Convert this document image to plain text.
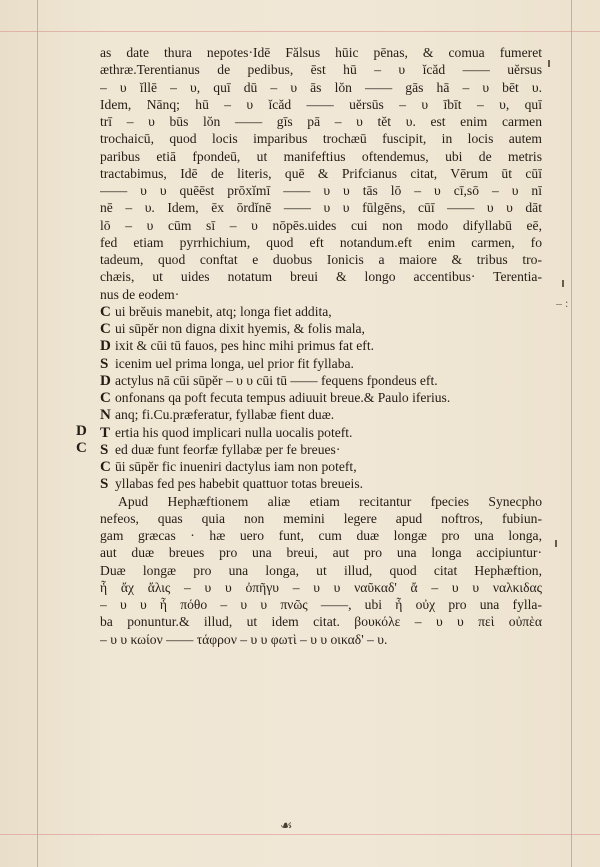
– :
as date thura nepotes·Idē Fălsus hūic pēnas, & comua fumeret
æthræ.Terentianus de pedibus, ēst hū – υ ĭcăd —— uĕrsus
– υ ĭllē – υ, quī dū – υ ās lŏn —— gās hā – υ bēt υ.
Idem, Nānq; hū – υ ĭcăd —— uĕrsūs – υ ībīt – υ, quī
trī – υ būs lŏn —— gīs pā – υ tĕt υ. est enim carmen
trochaicū, quod locis imparibus trochæū fuscipit, in locis autem
paribus etiā fpondeū, ut manifeftius oftendemus, ubi de metris
tractabimus, Idē de literis, quē & Prifcianus citat, Vērum ūt cūī
—— υ υ quēēst prōxĭmī —— υ υ tās lō – υ cī,sō – υ nī
nē – υ. Idem, ēx ōrdĭnē —— υ υ fūlgēns, cūī —— υ υ dāt
lō – υ cūm sī – υ nōpēs.uides cui non modo difyllabū eē,
fed etiam pyrrhichium, quod eft notandum.eft enim carmen, fo
tadeum, quod conftat e duobus Ionicis a maiore & tribus tro-
chæis, ut uides notatum breui & longo accentibus· Terentia-
nus de eodem·
C ui brĕuis manebit, atq; longa fiet addita,
C ui sūpĕr non digna dixit hyemis, & folis mala,
D ixit & cūi tū fauos, pes hinc mihi primus fat eft.
S icenim uel prima longa, uel prior fit fyllaba.
D actylus nā cūi sūpĕr – υ υ cūi tū —— fequens fpondeus eft.
C onfonans qa poft fecuta tempus adiuuit breue.& Paulo iferius.
N anq; fi.Cu.præferatur, fyllabæ fient duæ.
T ertia his quod implicari nulla uocalis poteft.
S ed duæ funt feorfæ fyllabæ per fe breues·
C ūi sūpĕr fic inueniri dactylus iam non poteft,
S yllabas fed pes habebit quattuor totas breueis.
Apud Hephæftionem aliæ etiam recitantur fpecies Synecpho
nefeos, quas quia non memini legere apud noftros, fubiun-
gam græcas · hæ uero funt, cum duæ longæ pro una longa,
aut duæ breues pro una breui, aut pro una longa accipiuntur·
Duæ longæ pro una longa, ut illud, quod citat Hephæftion,
ἦ ἄχ ἄλις – υ υ ὀπῆγυ – υ υ ναῦκαδ' ἄ – υ υ ναλκιδας
– υ υ ἦ πόθο – υ υ πνῶς ——, ubi ἦ οὐχ pro una fylla-
ba ponuntur.& illud, ut idem citat. βουκόλε – υ υ πεὶ οὐπὲα
– υ υ κωίον —— τάφρον – υ υ φωτὶ – υ υ οικαδ' – υ.
D
C
☙
